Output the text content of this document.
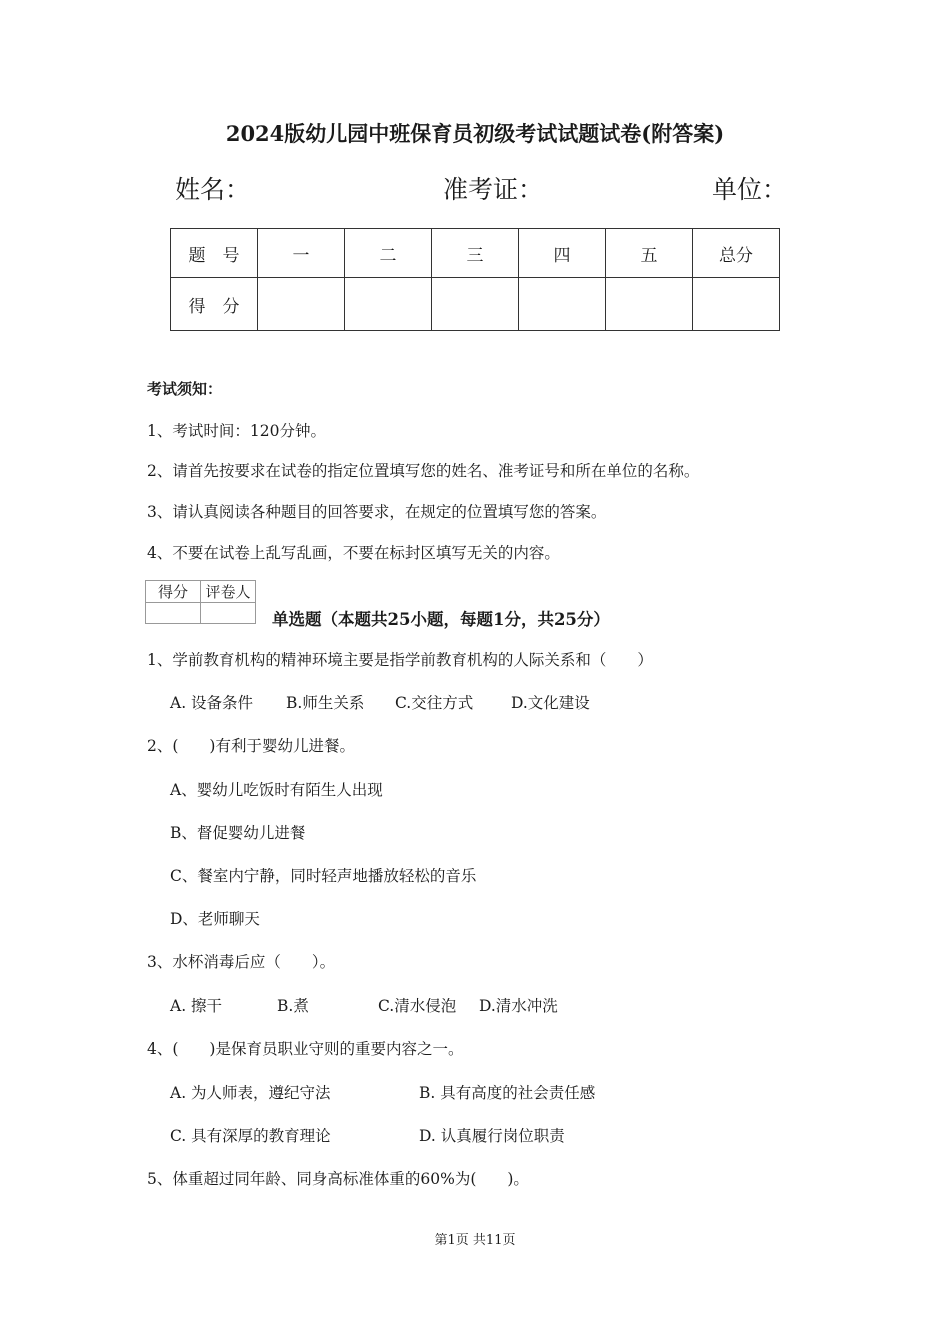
2024版幼儿园中班保育员初级考试试题试卷(附答案)
姓名：	准考证：	单位：
题　号	一	二	三	四	五	总分
得　分						
考试须知：
1、考试时间：120分钟。
2、请首先按要求在试卷的指定位置填写您的姓名、准考证号和所在单位的名称。
3、请认真阅读各种题目的回答要求，在规定的位置填写您的答案。
4、不要在试卷上乱写乱画，不要在标封区填写无关的内容。
得分	评卷人

单选题（本题共25小题，每题1分，共25分）
1、学前教育机构的精神环境主要是指学前教育机构的人际关系和（　　）
A. 设备条件 B.师生关系 C.交往方式 D.文化建设
2、(　　)有利于婴幼儿进餐。
A、婴幼儿吃饭时有陌生人出现
B、督促婴幼儿进餐
C、餐室内宁静，同时轻声地播放轻松的音乐
D、老师聊天
3、水杯消毒后应（　　）。
A. 擦干	B.煮	C.清水侵泡 D.清水冲洗
4、(　　)是保育员职业守则的重要内容之一。
A. 为人师表，遵纪守法	B. 具有高度的社会责任感
C. 具有深厚的教育理论	D. 认真履行岗位职责
5、体重超过同年龄、同身高标准体重的60%为(　　)。
第1页 共11页
